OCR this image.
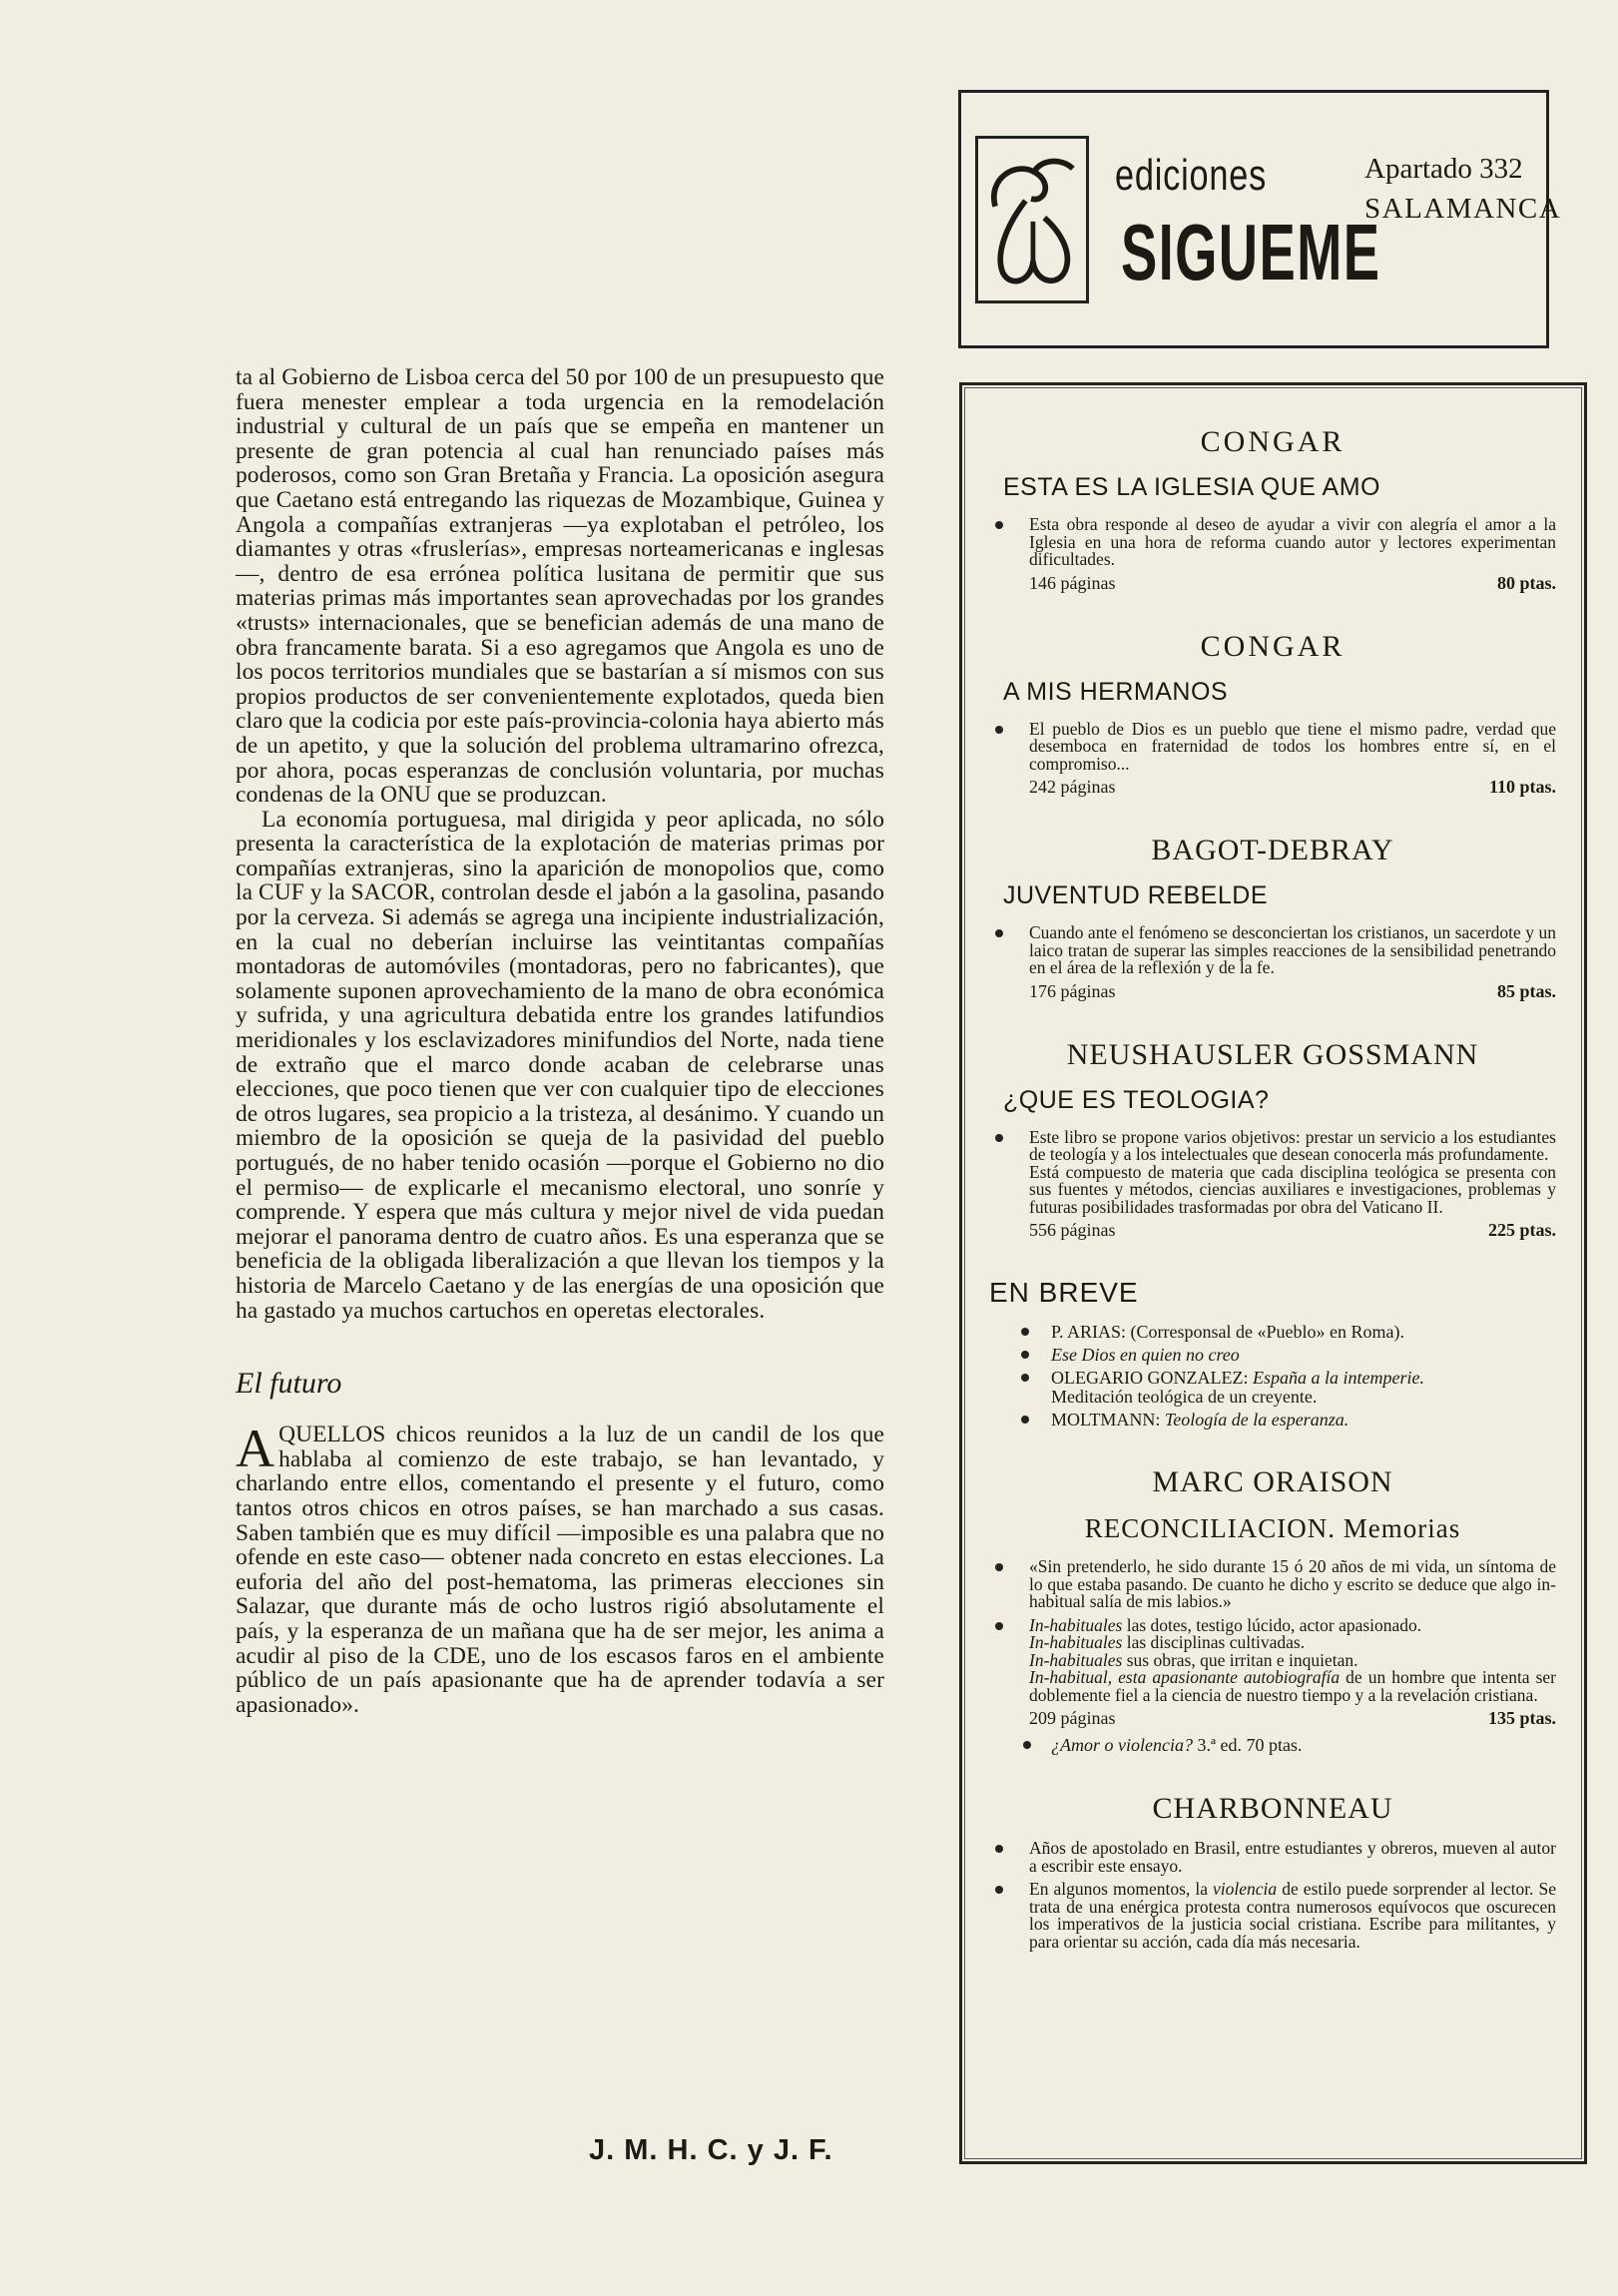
ta al Gobierno de Lisboa cerca del 50 por 100 de un presupuesto que fuera menester emplear a toda urgencia en la remodelación industrial y cultural de un país que se empeña en mantener un presente de gran potencia al cual han renunciado países más poderosos, como son Gran Bretaña y Francia. La oposición asegura que Caetano está entregando las riquezas de Mozambique, Guinea y Angola a compañías extranjeras —ya explotaban el petróleo, los diamantes y otras «fruslerías», empresas norteamericanas e inglesas—, dentro de esa errónea política lusitana de permitir que sus materias primas más importantes sean aprovechadas por los grandes «trusts» internacionales, que se benefician además de una mano de obra francamente barata. Si a eso agregamos que Angola es uno de los pocos territorios mundiales que se bastarían a sí mismos con sus propios productos de ser convenientemente explotados, queda bien claro que la codicia por este país-provincia-colonia haya abierto más de un apetito, y que la solución del problema ultramarino ofrezca, por ahora, pocas esperanzas de conclusión voluntaria, por muchas condenas de la ONU que se produzcan.

La economía portuguesa, mal dirigida y peor aplicada, no sólo presenta la característica de la explotación de materias primas por compañías extranjeras, sino la aparición de monopolios que, como la CUF y la SACOR, controlan desde el jabón a la gasolina, pasando por la cerveza. Si además se agrega una incipiente industrialización, en la cual no deberían incluirse las veintitantas compañías montadoras de automóviles (montadoras, pero no fabricantes), que solamente suponen aprovechamiento de la mano de obra económica y sufrida, y una agricultura debatida entre los grandes latifundios meridionales y los esclavizadores minifundios del Norte, nada tiene de extraño que el marco donde acaban de celebrarse unas elecciones, que poco tienen que ver con cualquier tipo de elecciones de otros lugares, sea propicio a la tristeza, al desánimo. Y cuando un miembro de la oposición se queja de la pasividad del pueblo portugués, de no haber tenido ocasión —porque el Gobierno no dio el permiso— de explicarle el mecanismo electoral, uno sonríe y comprende. Y espera que más cultura y mejor nivel de vida puedan mejorar el panorama dentro de cuatro años. Es una esperanza que se beneficia de la obligada liberalización a que llevan los tiempos y la historia de Marcelo Caetano y de las energías de una oposición que ha gastado ya muchos cartuchos en operetas electorales.

El futuro

AQUELLOS chicos reunidos a la luz de un candil de los que hablaba al comienzo de este trabajo, se han levantado, y charlando entre ellos, comentando el presente y el futuro, como tantos otros chicos en otros países, se han marchado a sus casas. Saben también que es muy difícil —imposible es una palabra que no ofende en este caso— obtener nada concreto en estas elecciones. La euforia del año del post-hematoma, las primeras elecciones sin Salazar, que durante más de ocho lustros rigió absolutamente el país, y la esperanza de un mañana que ha de ser mejor, les anima a acudir al piso de la CDE, uno de los escasos faros en el ambiente público de un país apasionante que ha de aprender todavía a ser apasionado».

J. M. H. C. y J. F.
ediciones
SIGUEME
Apartado 332
SALAMANCA
CONGAR
ESTA ES LA IGLESIA QUE AMO

Esta obra responde al deseo de ayudar a vivir con alegría el amor a la Iglesia en una hora de reforma cuando autor y lectores experimentan dificultades.

146 páginas	80 ptas.
CONGAR
A MIS HERMANOS

El pueblo de Dios es un pueblo que tiene el mismo padre, verdad que desemboca en fraternidad de todos los hombres entre sí, en el compromiso...

242 páginas	110 ptas.
BAGOT-DEBRAY
JUVENTUD REBELDE

Cuando ante el fenómeno se desconciertan los cristianos, un sacerdote y un laico tratan de superar las simples reacciones de la sensibilidad penetrando en el área de la reflexión y de la fe.

176 páginas	85 ptas.
NEUSHAUSLER GOSSMANN
¿QUE ES TEOLOGIA?

Este libro se propone varios objetivos: prestar un servicio a los estudiantes de teología y a los intelectuales que desean conocerla más profundamente.

Está compuesto de materia que cada disciplina teológica se presenta con sus fuentes y métodos, ciencias auxiliares e investigaciones, problemas y futuras posibilidades trasformadas por obra del Vaticano II.

556 páginas	225 ptas.
EN BREVE
P. ARIAS: (Corresponsal de «Pueblo» en Roma).
Ese Dios en quien no creo
OLEGARIO GONZALEZ: España a la intemperie.
Meditación teológica de un creyente.
MOLTMANN: Teología de la esperanza.
MARC ORAISON
RECONCILIACION. Memorias

«Sin pretenderlo, he sido durante 15 ó 20 años de mi vida, un síntoma de lo que estaba pasando. De cuanto he dicho y escrito se deduce que algo in-habitual salía de mis labios.»

In-habituales las dotes, testigo lúcido, actor apasionado.
In-habituales las disciplinas cultivadas.
In-habituales sus obras, que irritan e inquietan.
In-habitual, esta apasionante autobiografía de un hombre que intenta ser doblemente fiel a la ciencia de nuestro tiempo y a la revelación cristiana.

209 páginas	135 ptas.
¿Amor o violencia? 3.ª ed. 70 ptas.
CHARBONNEAU

Años de apostolado en Brasil, entre estudiantes y obreros, mueven al autor a escribir este ensayo.

En algunos momentos, la violencia de estilo puede sorprender al lector. Se trata de una enérgica protesta contra numerosos equívocos que oscurecen los imperativos de la justicia social cristiana. Escribe para militantes, y para orientar su acción, cada día más necesaria.
